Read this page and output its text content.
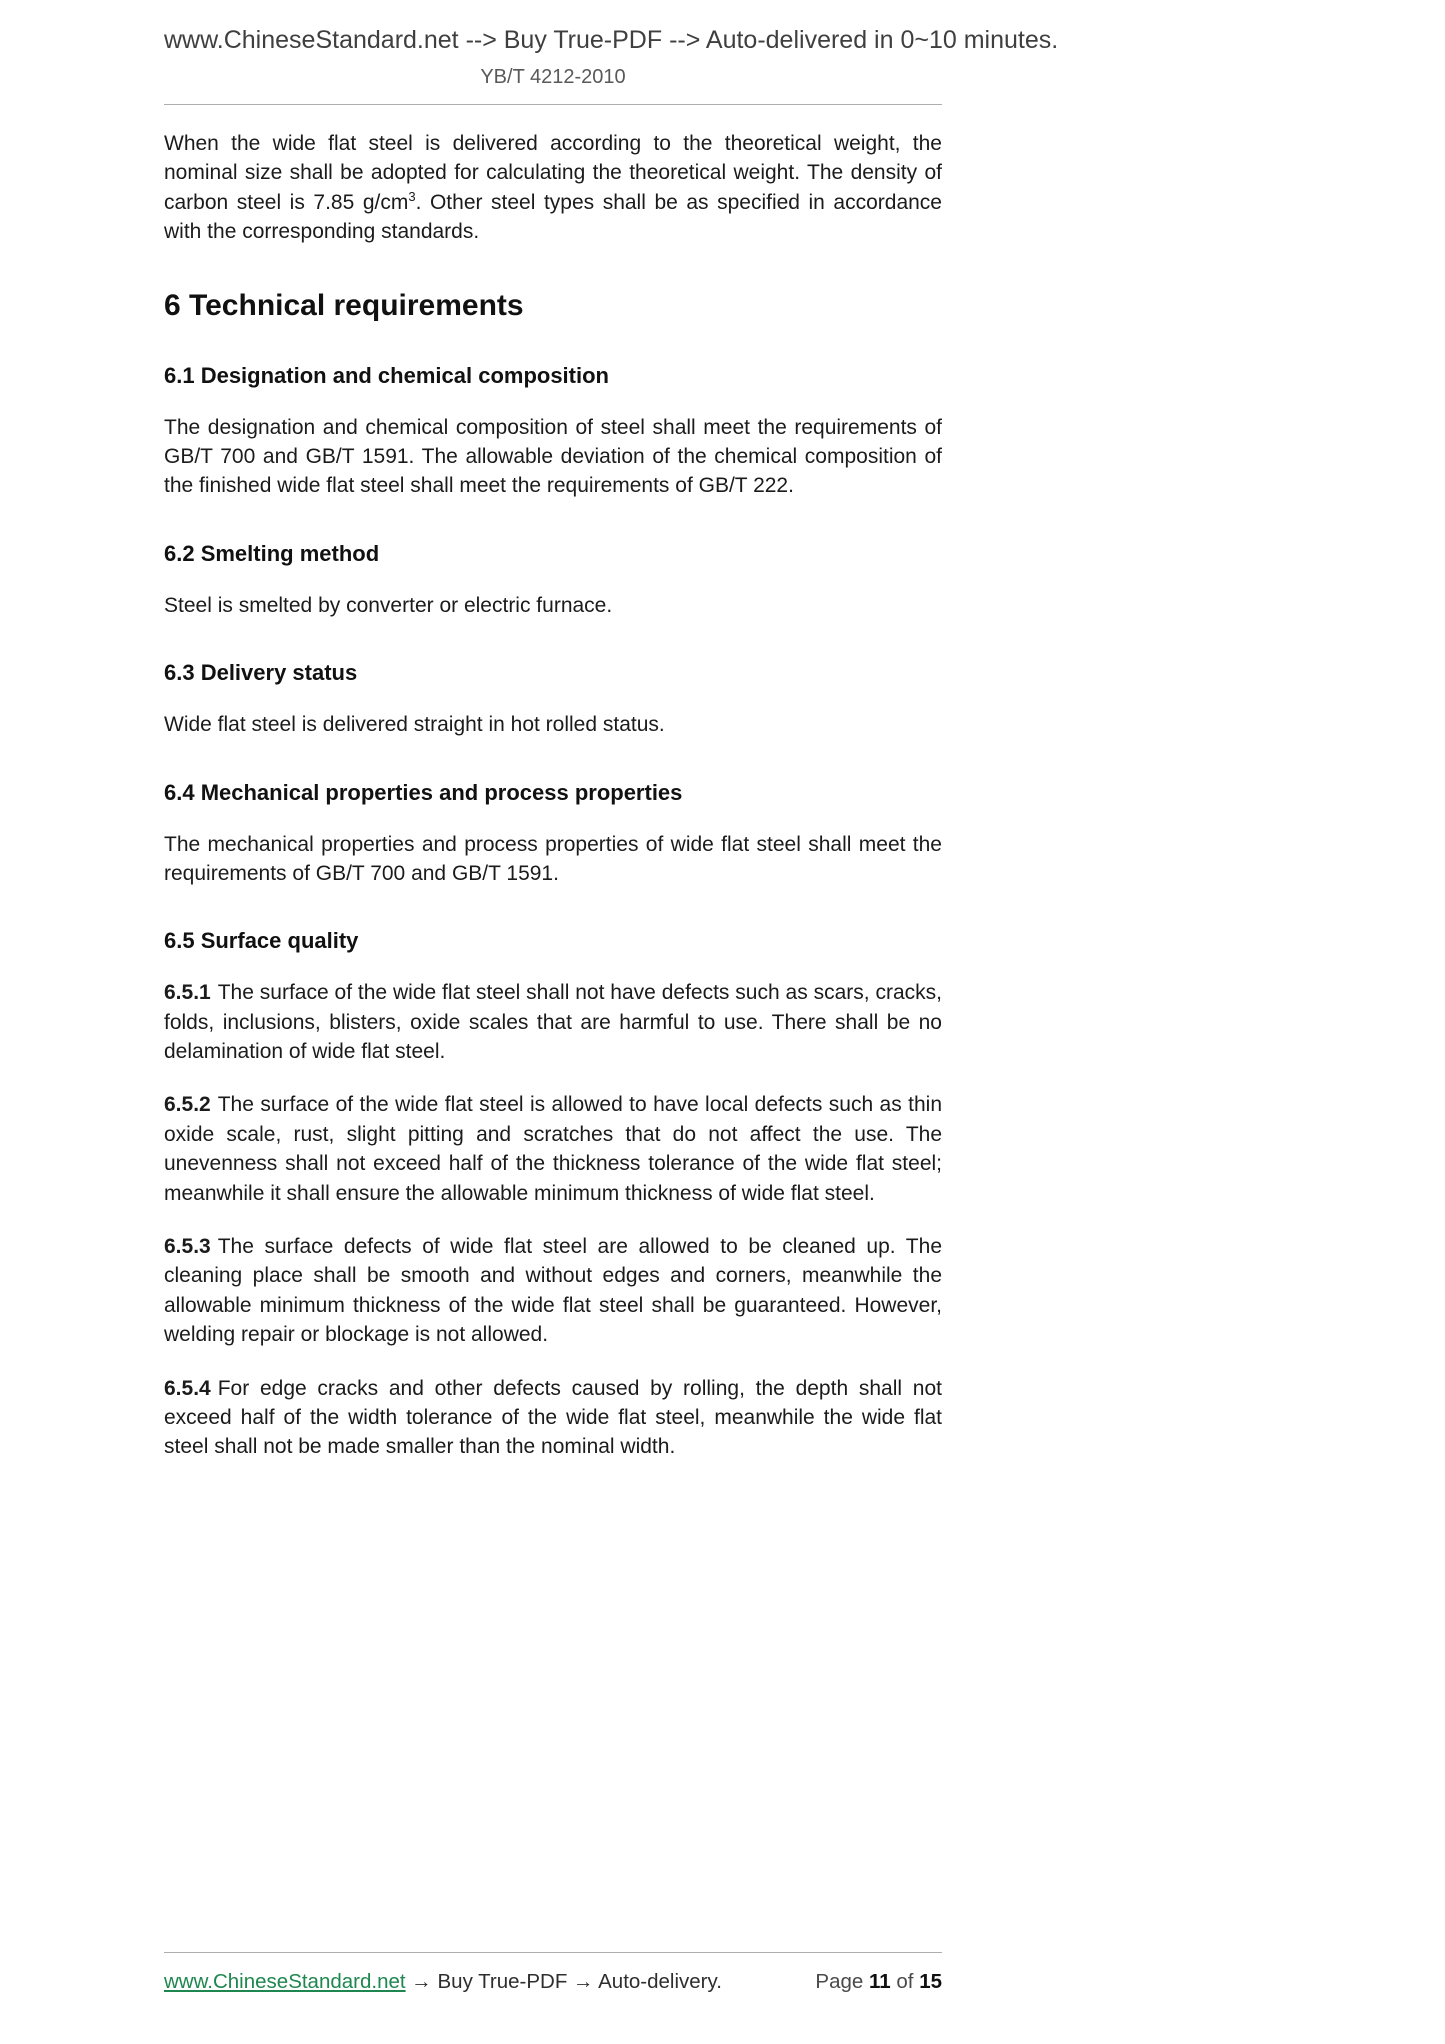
www.ChineseStandard.net --> Buy True-PDF --> Auto-delivered in 0~10 minutes.
YB/T 4212-2010

When the wide flat steel is delivered according to the theoretical weight, the nominal size shall be adopted for calculating the theoretical weight. The density of carbon steel is 7.85 $g/cm^3$. Other steel types shall be as specified in accordance with the corresponding standards.

6 Technical requirements
6.1 Designation and chemical composition

The designation and chemical composition of steel shall meet the requirements of GB/T 700 and GB/T 1591. The allowable deviation of the chemical composition of the finished wide flat steel shall meet the requirements of GB/T 222.

6.2 Smelting method

Steel is smelted by converter or electric furnace.

6.3 Delivery status

Wide flat steel is delivered straight in hot rolled status.

6.4 Mechanical properties and process properties

The mechanical properties and process properties of wide flat steel shall meet the requirements of GB/T 700 and GB/T 1591.

6.5 Surface quality

6.5.1 The surface of the wide flat steel shall not have defects such as scars, cracks, folds, inclusions, blisters, oxide scales that are harmful to use. There shall be no delamination of wide flat steel.

6.5.2 The surface of the wide flat steel is allowed to have local defects such as thin oxide scale, rust, slight pitting and scratches that do not affect the use. The unevenness shall not exceed half of the thickness tolerance of the wide flat steel; meanwhile it shall ensure the allowable minimum thickness of wide flat steel.

6.5.3 The surface defects of wide flat steel are allowed to be cleaned up. The cleaning place shall be smooth and without edges and corners, meanwhile the allowable minimum thickness of the wide flat steel shall be guaranteed. However, welding repair or blockage is not allowed.

6.5.4 For edge cracks and other defects caused by rolling, the depth shall not exceed half of the width tolerance of the wide flat steel, meanwhile the wide flat steel shall not be made smaller than the nominal width.

www.ChineseStandard.net → Buy True-PDF → Auto-delivery.	Page 11 of 15
